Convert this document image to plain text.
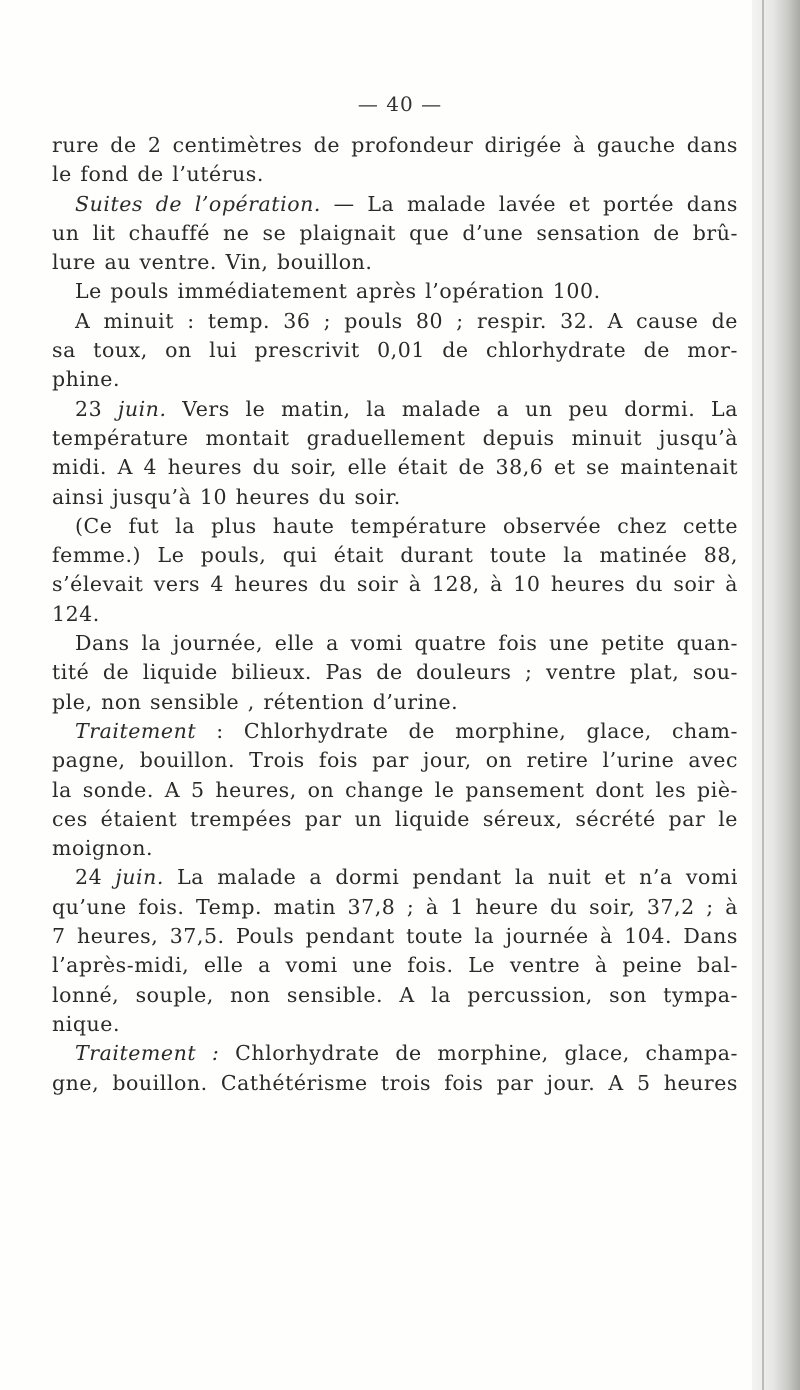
— 40 —
rure de 2 centimètres de profondeur dirigée à gauche dans
le fond de l’utérus.
Suites de l’opération. — La malade lavée et portée dans
un lit chauffé ne se plaignait que d’une sensation de brû-
lure au ventre. Vin, bouillon.
Le pouls immédiatement après l’opération 100.
A minuit : temp. 36 ; pouls 80 ; respir. 32. A cause de
sa toux, on lui prescrivit 0,01 de chlorhydrate de mor-
phine.
23 juin. Vers le matin, la malade a un peu dormi. La
température montait graduellement depuis minuit jusqu’à
midi. A 4 heures du soir, elle était de 38,6 et se maintenait
ainsi jusqu’à 10 heures du soir.
(Ce fut la plus haute température observée chez cette
femme.) Le pouls, qui était durant toute la matinée 88,
s’élevait vers 4 heures du soir à 128, à 10 heures du soir à
124.
Dans la journée, elle a vomi quatre fois une petite quan-
tité de liquide bilieux. Pas de douleurs ; ventre plat, sou-
ple, non sensible , rétention d’urine.
Traitement : Chlorhydrate de morphine, glace, cham-
pagne, bouillon. Trois fois par jour, on retire l’urine avec
la sonde. A 5 heures, on change le pansement dont les piè-
ces étaient trempées par un liquide séreux, sécrété par le
moignon.
24 juin. La malade a dormi pendant la nuit et n’a vomi
qu’une fois. Temp. matin 37,8 ; à 1 heure du soir, 37,2 ; à
7 heures, 37,5. Pouls pendant toute la journée à 104. Dans
l’après-midi, elle a vomi une fois. Le ventre à peine bal-
lonné, souple, non sensible. A la percussion, son tympa-
nique.
Traitement : Chlorhydrate de morphine, glace, champa-
gne, bouillon. Cathétérisme trois fois par jour. A 5 heures
